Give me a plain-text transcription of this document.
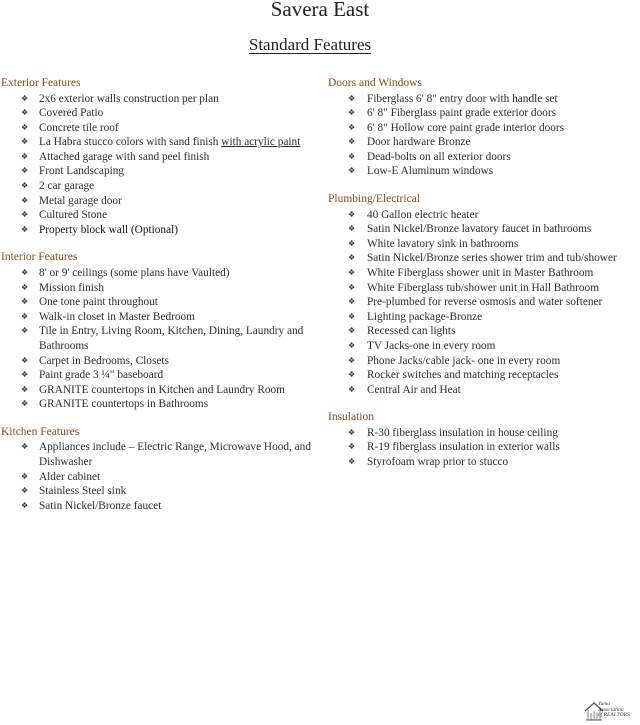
Savera East
Standard Features
Exterior Features
❖ 2x6 exterior walls construction per plan
❖ Covered Patio
❖ Concrete tile roof
❖ La Habra stucco colors with sand finish with acrylic paint
❖ Attached garage with sand peel finish
❖ Front Landscaping
❖ 2 car garage
❖ Metal garage door
❖ Cultured Stone
❖ Property block wall (Optional)
Interior Features
❖ 8' or 9' ceilings (some plans have Vaulted)
❖ Mission finish
❖ One tone paint throughout
❖ Walk-in closet in Master Bedroom
❖ Tile in Entry, Living Room, Kitchen, Dining, Laundry and Bathrooms
❖ Carpet in Bedrooms, Closets
❖ Paint grade 3 ¼" baseboard
❖ GRANITE countertops in Kitchen and Laundry Room
❖ GRANITE countertops in Bathrooms
Kitchen Features
❖ Appliances include – Electric Range, Microwave Hood, and Dishwasher
❖ Alder cabinet
❖ Stainless Steel sink
❖ Satin Nickel/Bronze faucet
Doors and Windows
❖ Fiberglass 6' 8" entry door with handle set
❖ 6' 8" Fiberglass paint grade exterior doors
❖ 6' 8" Hollow core paint grade interior doors
❖ Door hardware Bronze
❖ Dead-bolts on all exterior doors
❖ Low-E Aluminum windows
Plumbing/Electrical
❖ 40 Gallon electric heater
❖ Satin Nickel/Bronze lavatory faucet in bathrooms
❖ White lavatory sink in bathrooms
❖ Satin Nickel/Bronze series shower trim and tub/shower
❖ White Fiberglass shower unit in Master Bathroom
❖ White Fiberglass tub/shower unit in Hall Bathroom
❖ Pre-plumbed for reverse osmosis and water softener
❖ Lighting package-Bronze
❖ Recessed can lights
❖ TV Jacks-one in every room
❖ Phone Jacks/cable jack- one in every room
❖ Rocker switches and matching receptacles
❖ Central Air and Heat
Insulation
❖ R-30 fiberglass insulation in house ceiling
❖ R-19 fiberglass insulation in exterior walls
❖ Styrofoam wrap prior to stucco
Yuma
Association
of REALTORS
